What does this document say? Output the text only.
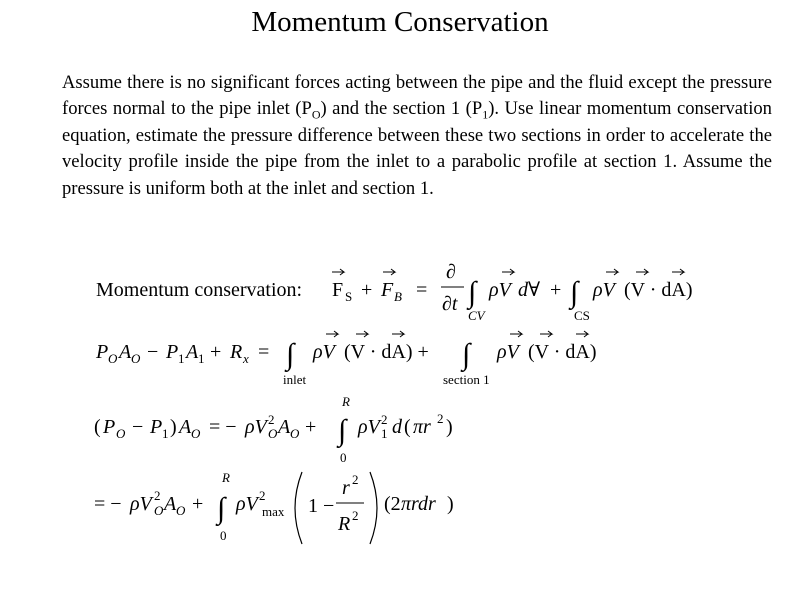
Momentum Conservation
Assume there is no significant forces acting between the pipe and the fluid except the pressure forces normal to the pipe inlet $(P_O)$ and the section 1 $(P_1)$. Use linear momentum conservation equation, estimate the pressure difference between these two sections in order to accelerate the velocity profile inside the pipe from the inlet to a parabolic profile at section 1. Assume the pressure is uniform both at the inlet and section 1.
Momentum conservation: F S + F B =
∂
∂t ∫
CV
ρV d∀ + ∫
CS
ρV (V · dA)
P O A O − P 1 A 1 + R x = ∫
inlet
ρV (V · dA) + ∫
section 1
ρV (V · dA)
( P O − P 1 ) A O = − ρV O
2 A O +
R
∫
0
ρV 1
2 d ( πr 2 )
= − ρV O
2 A O +
R
∫
0
ρV 2
max 1 −
r 2
R 2
(2 πrdr )
